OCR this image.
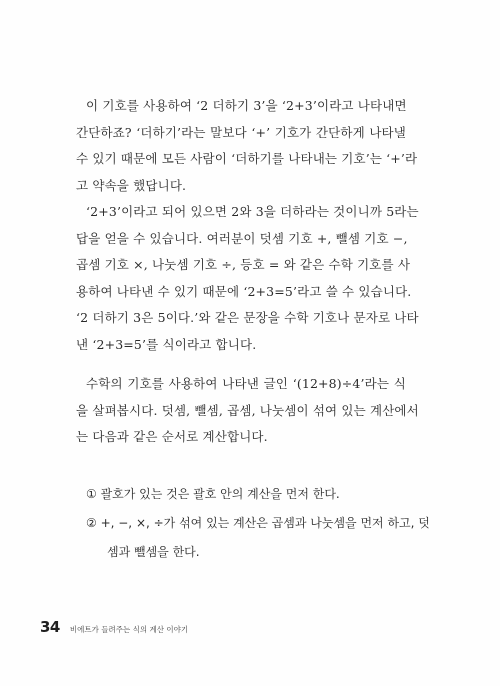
이 기호를 사용하여 ‘2 더하기 3’을 ‘2+3’이라고 나타내면
간단하죠? ‘더하기’라는 말보다 ‘+’ 기호가 간단하게 나타낼
수 있기 때문에 모든 사람이 ‘더하기를 나타내는 기호’는 ‘+’라
고 약속을 했답니다.
‘2+3’이라고 되어 있으면 2와 3을 더하라는 것이니까 5라는
답을 얻을 수 있습니다. 여러분이 덧셈 기호 +, 뺄셈 기호 −,
곱셈 기호 ×, 나눗셈 기호 ÷, 등호 = 와 같은 수학 기호를 사
용하여 나타낸 수 있기 때문에 ‘2+3=5’라고 쓸 수 있습니다.
‘2 더하기 3은 5이다.’와 같은 문장을 수학 기호나 문자로 나타
낸 ‘2+3=5’를 식이라고 합니다.
수학의 기호를 사용하여 나타낸 글인 ‘(12+8)÷4’라는 식
을 살펴봅시다. 덧셈, 뺄셈, 곱셈, 나눗셈이 섞여 있는 계산에서
는 다음과 같은 순서로 계산합니다.
① 괄호가 있는 것은 괄호 안의 계산을 먼저 한다.
② +, −, ×, ÷가 섞여 있는 계산은 곱셈과 나눗셈을 먼저 하고, 덧
셈과 뺄셈을 한다.
34 비에트가 들려주는 식의 계산 이야기
